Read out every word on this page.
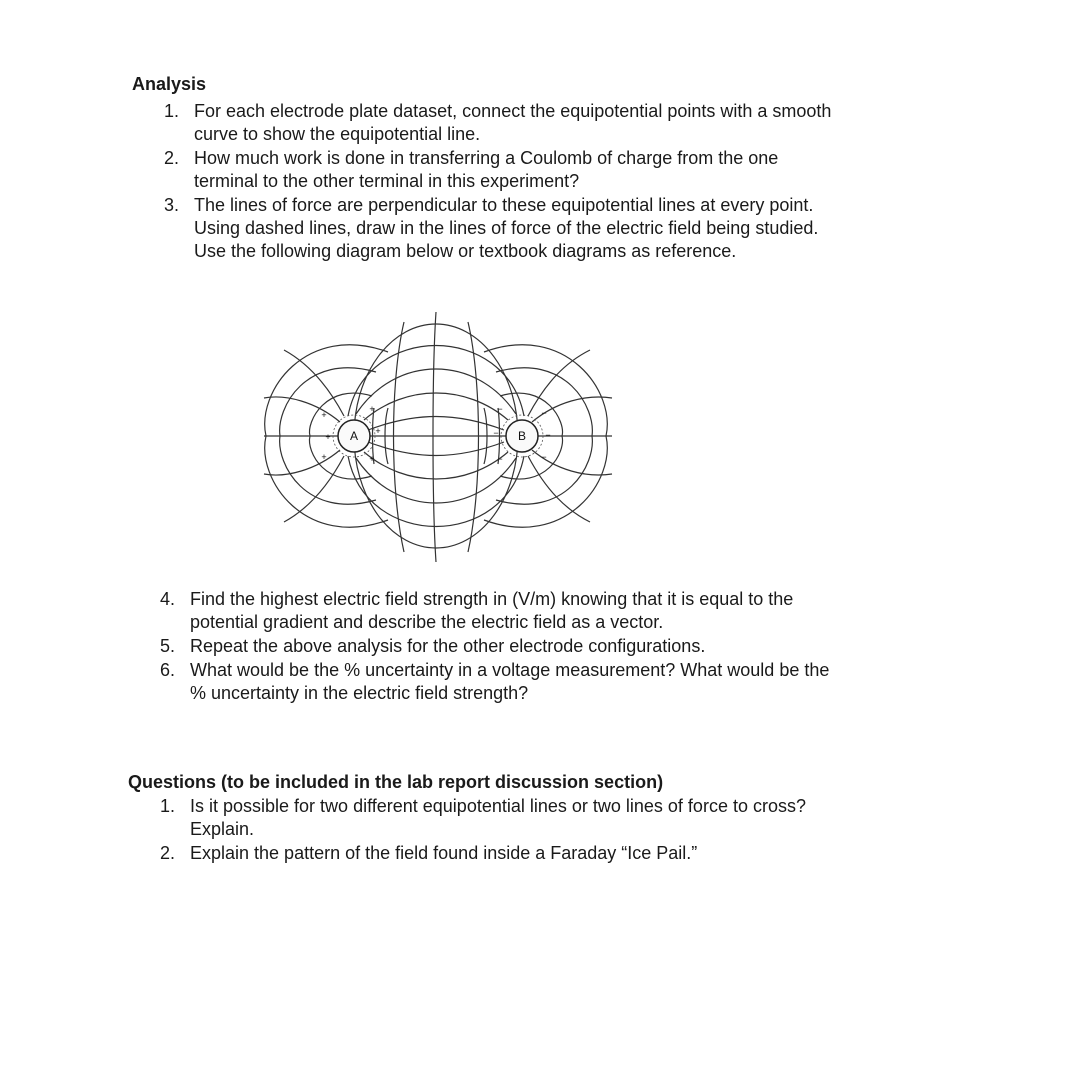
Analysis
1. For each electrode plate dataset, connect the equipotential points with a smooth
curve to show the equipotential line.
2. How much work is done in transferring a Coulomb of charge from the one
terminal to the other terminal in this experiment?
3. The lines of force are perpendicular to these equipotential lines at every point.
Using dashed lines, draw in the lines of force of the electric field being studied.
Use the following diagram below or textbook diagrams as reference.
A	B
+
+
+
+
+
+
−
−
−
−
−
−
4. Find the highest electric field strength in (V/m) knowing that it is equal to the
potential gradient and describe the electric field as a vector.
5. Repeat the above analysis for the other electrode configurations.
6. What would be the % uncertainty in a voltage measurement? What would be the
% uncertainty in the electric field strength?
Questions (to be included in the lab report discussion section)
1. Is it possible for two different equipotential lines or two lines of force to cross?
Explain.
2. Explain the pattern of the field found inside a Faraday “Ice Pail.”
